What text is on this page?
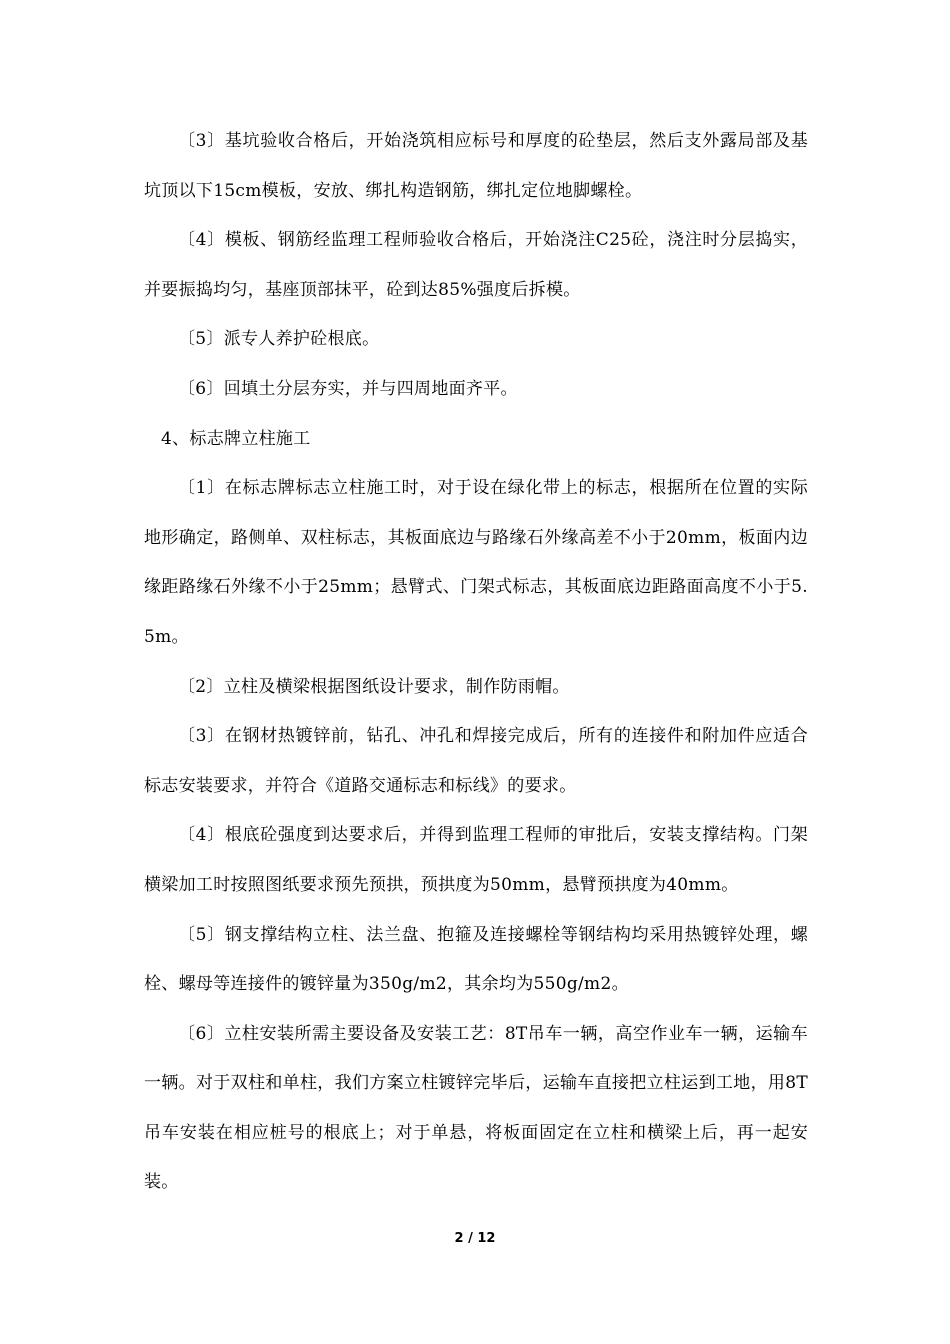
〔3〕基坑验收合格后，开始浇筑相应标号和厚度的砼垫层，然后支外露局部及基坑顶以下15cm模板，安放、绑扎构造钢筋，绑扎定位地脚螺栓。

〔4〕模板、钢筋经监理工程师验收合格后，开始浇注C25砼，浇注时分层捣实，并要振捣均匀，基座顶部抹平，砼到达85%强度后拆模。

〔5〕派专人养护砼根底。

〔6〕回填土分层夯实，并与四周地面齐平。

4、标志牌立柱施工

〔1〕在标志牌标志立柱施工时，对于设在绿化带上的标志，根据所在位置的实际地形确定，路侧单、双柱标志，其板面底边与路缘石外缘高差不小于20mm，板面内边缘距路缘石外缘不小于25mm；悬臂式、门架式标志，其板面底边距路面高度不小于5.5m。

〔2〕立柱及横梁根据图纸设计要求，制作防雨帽。

〔3〕在钢材热镀锌前，钻孔、冲孔和焊接完成后，所有的连接件和附加件应适合标志安装要求，并符合《道路交通标志和标线》的要求。

〔4〕根底砼强度到达要求后，并得到监理工程师的审批后，安装支撑结构。门架横梁加工时按照图纸要求预先预拱，预拱度为50mm，悬臂预拱度为40mm。

〔5〕钢支撑结构立柱、法兰盘、抱箍及连接螺栓等钢结构均采用热镀锌处理，螺栓、螺母等连接件的镀锌量为350g/m2，其余均为550g/m2。

〔6〕立柱安装所需主要设备及安装工艺：8T吊车一辆，高空作业车一辆，运输车一辆。对于双柱和单柱，我们方案立柱镀锌完毕后，运输车直接把立柱运到工地，用8T吊车安装在相应桩号的根底上；对于单悬，将板面固定在立柱和横梁上后，再一起安装。

2 / 12
